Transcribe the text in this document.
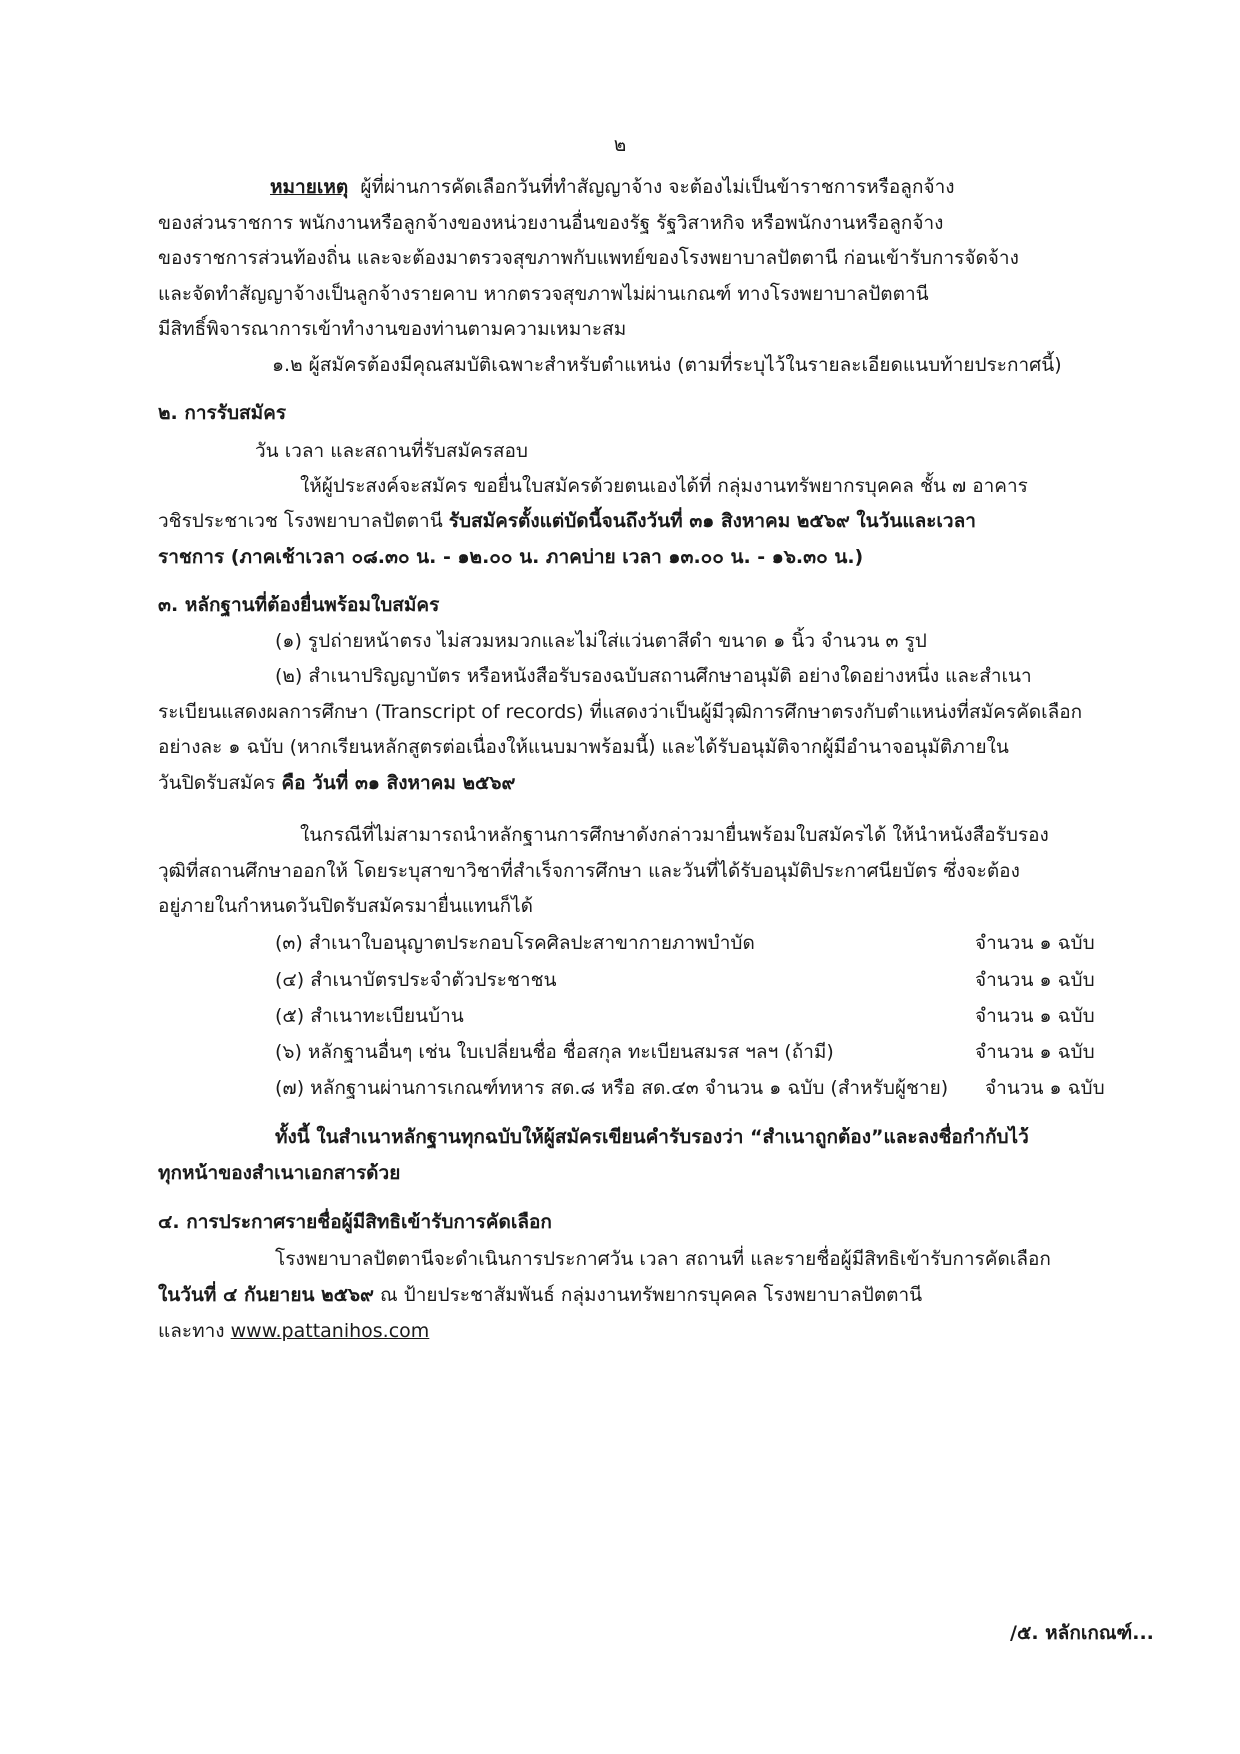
๒
หมายเหตุ ผู้ที่ผ่านการคัดเลือกวันที่ทำสัญญาจ้าง จะต้องไม่เป็นข้าราชการหรือลูกจ้าง
ของส่วนราชการ พนักงานหรือลูกจ้างของหน่วยงานอื่นของรัฐ รัฐวิสาหกิจ หรือพนักงานหรือลูกจ้าง
ของราชการส่วนท้องถิ่น และจะต้องมาตรวจสุขภาพกับแพทย์ของโรงพยาบาลปัตตานี ก่อนเข้ารับการจัดจ้าง
และจัดทำสัญญาจ้างเป็นลูกจ้างรายคาบ หากตรวจสุขภาพไม่ผ่านเกณฑ์ ทางโรงพยาบาลปัตตานี
มีสิทธิ์พิจารณาการเข้าทำงานของท่านตามความเหมาะสม
๑.๒ ผู้สมัครต้องมีคุณสมบัติเฉพาะสำหรับตำแหน่ง (ตามที่ระบุไว้ในรายละเอียดแนบท้ายประกาศนี้)
๒. การรับสมัคร
วัน เวลา และสถานที่รับสมัครสอบ
ให้ผู้ประสงค์จะสมัคร ขอยื่นใบสมัครด้วยตนเองได้ที่ กลุ่มงานทรัพยากรบุคคล ชั้น ๗ อาคาร
วชิรประชาเวช โรงพยาบาลปัตตานี รับสมัครตั้งแต่บัดนี้จนถึงวันที่ ๓๑ สิงหาคม ๒๕๖๙ ในวันและเวลา
ราชการ (ภาคเช้าเวลา ๐๘.๓๐ น. - ๑๒.๐๐ น. ภาคบ่าย เวลา ๑๓.๐๐ น. - ๑๖.๓๐ น.)
๓. หลักฐานที่ต้องยื่นพร้อมใบสมัคร
(๑) รูปถ่ายหน้าตรง ไม่สวมหมวกและไม่ใส่แว่นตาสีดำ ขนาด ๑ นิ้ว จำนวน ๓ รูป
(๒) สำเนาปริญญาบัตร หรือหนังสือรับรองฉบับสถานศึกษาอนุมัติ อย่างใดอย่างหนึ่ง และสำเนา
ระเบียนแสดงผลการศึกษา (Transcript of records) ที่แสดงว่าเป็นผู้มีวุฒิการศึกษาตรงกับตำแหน่งที่สมัครคัดเลือก
อย่างละ ๑ ฉบับ (หากเรียนหลักสูตรต่อเนื่องให้แนบมาพร้อมนี้) และได้รับอนุมัติจากผู้มีอำนาจอนุมัติภายใน
วันปิดรับสมัคร คือ วันที่ ๓๑ สิงหาคม ๒๕๖๙
ในกรณีที่ไม่สามารถนำหลักฐานการศึกษาดังกล่าวมายื่นพร้อมใบสมัครได้ ให้นำหนังสือรับรอง
วุฒิที่สถานศึกษาออกให้ โดยระบุสาขาวิชาที่สำเร็จการศึกษา และวันที่ได้รับอนุมัติประกาศนียบัตร ซึ่งจะต้อง
อยู่ภายในกำหนดวันปิดรับสมัครมายื่นแทนก็ได้
(๓) สำเนาใบอนุญาตประกอบโรคศิลปะสาขากายภาพบำบัด	จำนวน ๑ ฉบับ
(๔) สำเนาบัตรประจำตัวประชาชน	จำนวน ๑ ฉบับ
(๕) สำเนาทะเบียนบ้าน	จำนวน ๑ ฉบับ
(๖) หลักฐานอื่นๆ เช่น ใบเปลี่ยนชื่อ ชื่อสกุล ทะเบียนสมรส ฯลฯ (ถ้ามี)	จำนวน ๑ ฉบับ
(๗) หลักฐานผ่านการเกณฑ์ทหาร สด.๘ หรือ สด.๔๓ จำนวน ๑ ฉบับ (สำหรับผู้ชาย) จำนวน ๑ ฉบับ
ทั้งนี้ ในสำเนาหลักฐานทุกฉบับให้ผู้สมัครเขียนคำรับรองว่า “สำเนาถูกต้อง”และลงชื่อกำกับไว้
ทุกหน้าของสำเนาเอกสารด้วย
๔. การประกาศรายชื่อผู้มีสิทธิเข้ารับการคัดเลือก
โรงพยาบาลปัตตานีจะดำเนินการประกาศวัน เวลา สถานที่ และรายชื่อผู้มีสิทธิเข้ารับการคัดเลือก
ในวันที่ ๔ กันยายน ๒๕๖๙ ณ ป้ายประชาสัมพันธ์ กลุ่มงานทรัพยากรบุคคล โรงพยาบาลปัตตานี
และทาง www.pattanihos.com
/๕. หลักเกณฑ์...
